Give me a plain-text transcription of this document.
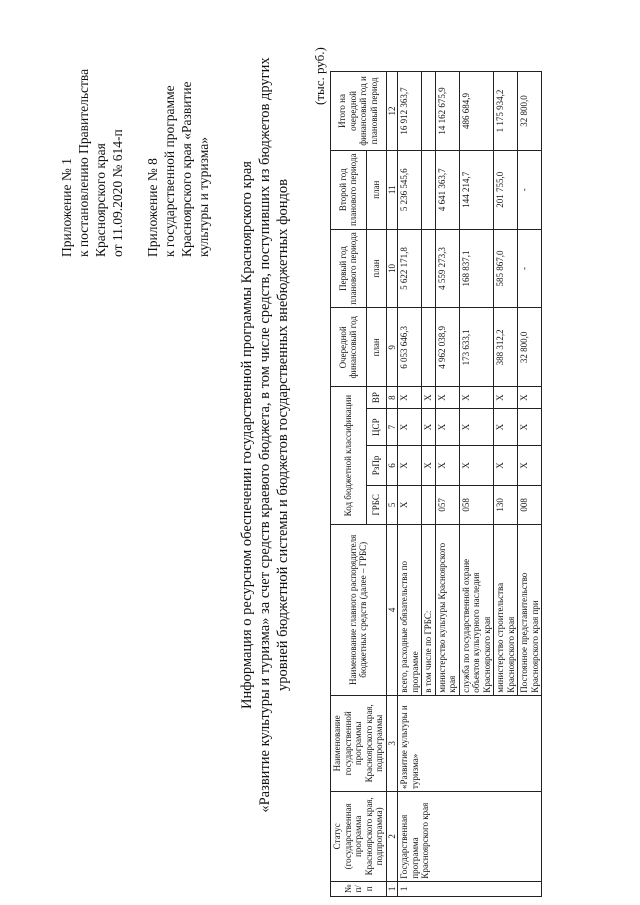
Приложение № 1 к постановлению Правительства Красноярского края от 11.09.2020 № 614-п Приложение № 8 к государственной программе Красноярского края «Развитие культуры и туризма» Информация о ресурсном обеспечении государственной программы Красноярского края «Развитие культуры и туризма» за счет средств краевого бюджета, в том числе средств, поступивших из бюджетов других уровней бюджетной системы и бюджетов государственных внебюджетных фондов

(тыс. руб.)
№ п/п	Статус (государственная программа Красноярского края, подпрограмма)	Наименование государственной программы Красноярского края, подпрограммы	Наименование главного распорядителя бюджетных средств (далее – ГРБС)	Код бюджетной классификации				Очередной финансовый год	Первый год планового периода	Второй год планового периода	Итого на очередной финансовый год и плановый период
				ГРБС	РзПр	ЦСР	ВР	план	план	план	
1	2	3	4	5	6	7	8	9	10	11	12
1	Государственная программа Красноярского края	«Развитие культуры и туризма»	всего, расходные обязательства по программе	Х	Х	Х	Х	6 053 646,3	5 622 171,8	5 236 545,6	16 912 363,7
			в том числе по ГРБС:		Х	Х	Х				
			министерство культуры Красноярского края	057	Х	Х	Х	4 962 038,9	4 559 273,3	4 641 363,7	14 162 675,9
			служба по государственной охране объектов культурного наследия Красноярского края	058	Х	Х	Х	173 633,1	168 837,1	144 214,7	486 684,9
			министерство строительства Красноярского края	130	Х	Х	Х	388 312,2	585 867,0	201 755,0	1 175 934,2
			Постоянное представительство Красноярского края при	008	Х	Х	Х	32 800,0	-	-	32 800,0
